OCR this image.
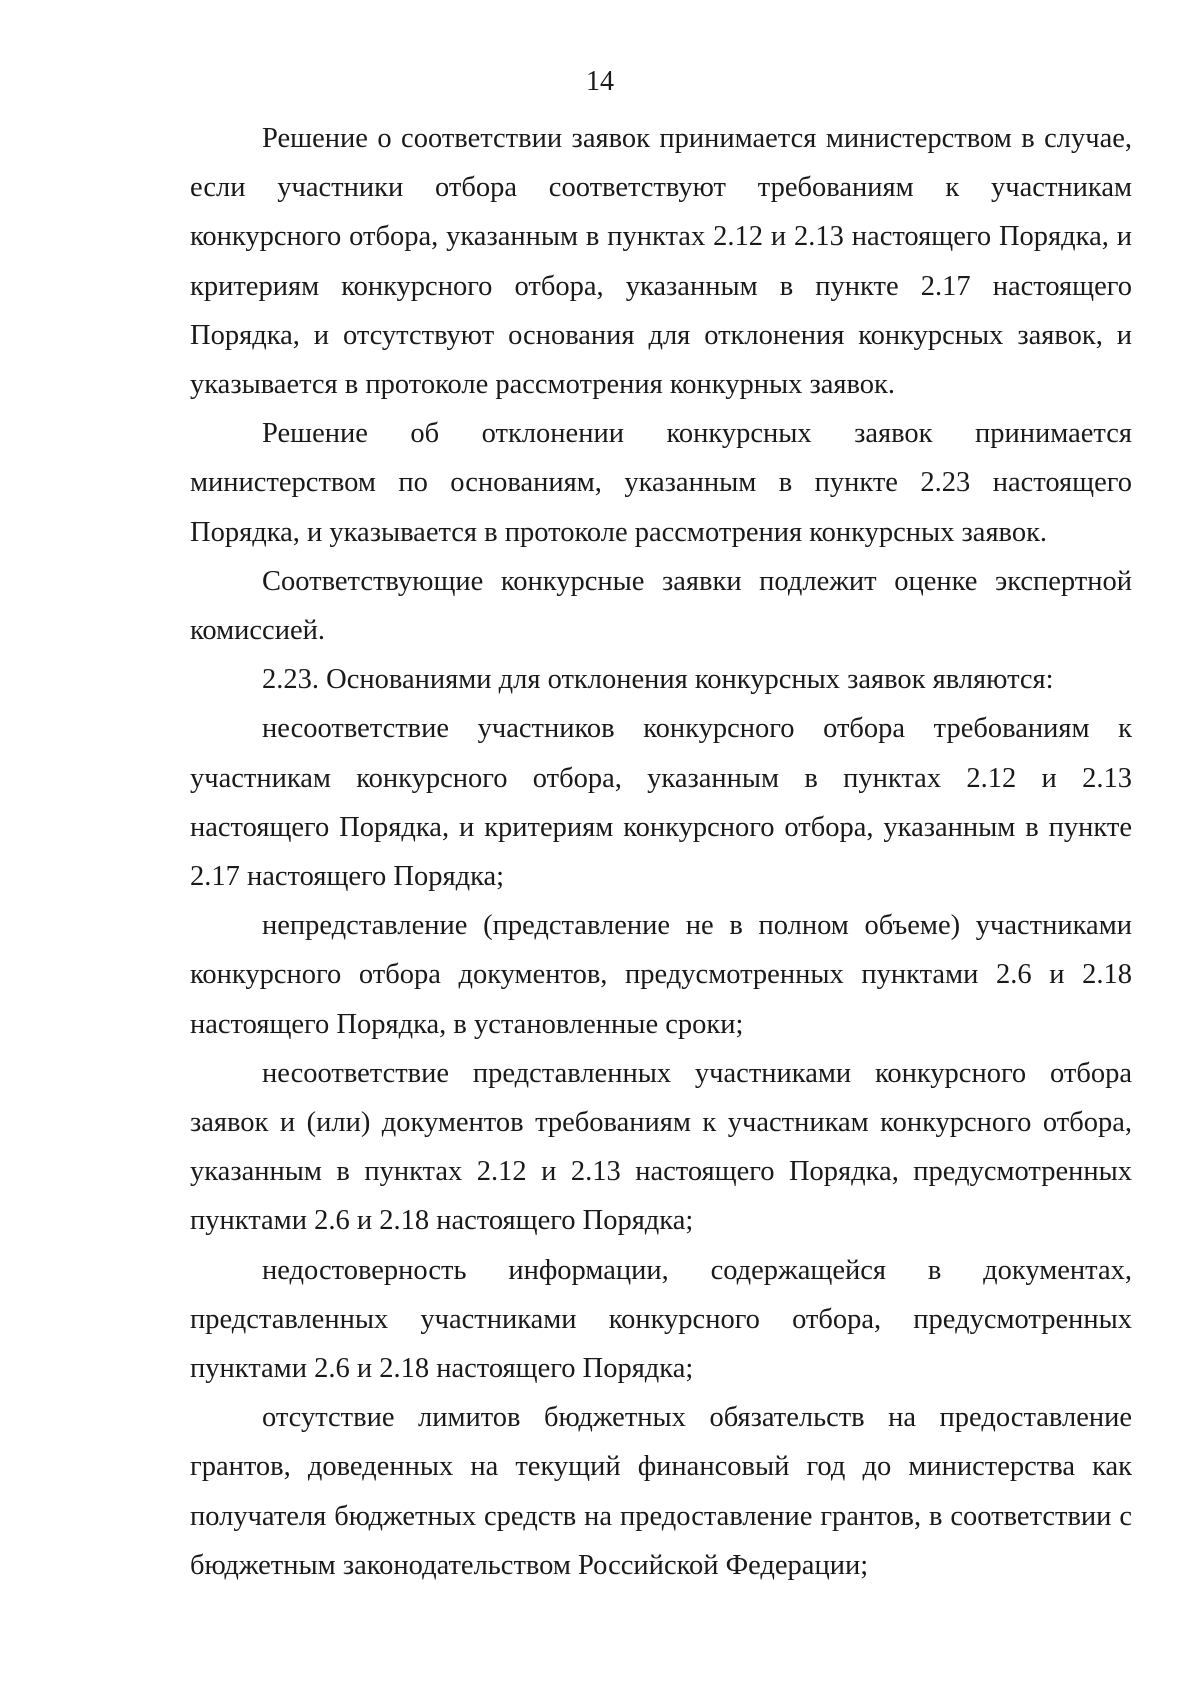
14

Решение о соответствии заявок принимается министерством в случае, если участники отбора соответствуют требованиям к участникам конкурсного отбора, указанным в пунктах 2.12 и 2.13 настоящего Порядка, и критериям конкурсного отбора, указанным в пункте 2.17 настоящего Порядка, и отсутствуют основания для отклонения конкурсных заявок, и указывается в протоколе рассмотрения конкурных заявок.

Решение об отклонении конкурсных заявок принимается министерством по основаниям, указанным в пункте 2.23 настоящего Порядка, и указывается в протоколе рассмотрения конкурсных заявок.

Соответствующие конкурсные заявки подлежит оценке экспертной комиссией.

2.23. Основаниями для отклонения конкурсных заявок являются:

несоответствие участников конкурсного отбора требованиям к участникам конкурсного отбора, указанным в пунктах 2.12 и 2.13 настоящего Порядка, и критериям конкурсного отбора, указанным в пункте 2.17 настоящего Порядка;

непредставление (представление не в полном объеме) участниками конкурсного отбора документов, предусмотренных пунктами 2.6 и 2.18 настоящего Порядка, в установленные сроки;

несоответствие представленных участниками конкурсного отбора заявок и (или) документов требованиям к участникам конкурсного отбора, указанным в пунктах 2.12 и 2.13 настоящего Порядка, предусмотренных пунктами 2.6 и 2.18 настоящего Порядка;

недостоверность информации, содержащейся в документах, представленных участниками конкурсного отбора, предусмотренных пунктами 2.6 и 2.18 настоящего Порядка;

отсутствие лимитов бюджетных обязательств на предоставление грантов, доведенных на текущий финансовый год до министерства как получателя бюджетных средств на предоставление грантов, в соответствии с бюджетным законодательством Российской Федерации;
